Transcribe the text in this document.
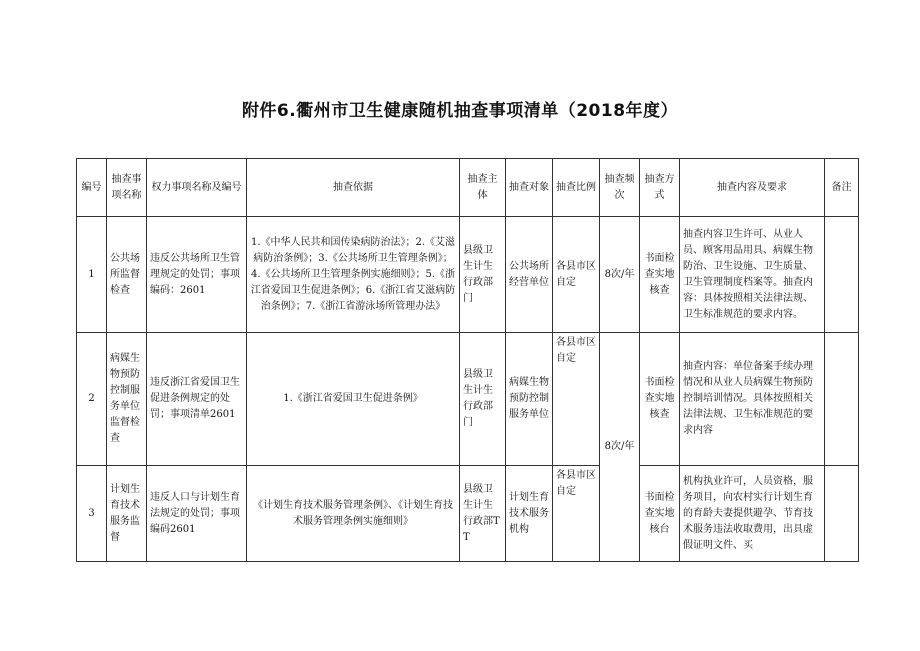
附件6.衢州市卫生健康随机抽查事项清单（2018年度）
编号	抽查事项名称	权力事项名称及编号	抽查依据	抽查主体	抽查对象	抽查比例	抽查频次	抽查方式	抽查内容及要求	备注
1	公共场所监督检查	违反公共场所卫生管理规定的处罚；事项编码：2601	1.《中华人民共和国传染病防治法》；2.《艾滋病防治条例》；3.《公共场所卫生管理条例》；4.《公共场所卫生管理条例实施细则》；5.《浙江省爱国卫生促进条例》；6.《浙江省艾滋病防治条例》；7.《浙江省游泳场所管理办法》	县级卫生计生行政部门	公共场所经营单位	各县市区自定	8次/年	书面检查实地核查	抽查内容卫生许可、从业人员、顾客用品用具、病媒生物防治、卫生设施、卫生质量、卫生管理制度档案等。抽查内容：具体按照相关法律法规、卫生标准规范的要求内容。	
2	病媒生物预防控制服务单位监督检查	违反浙江省爱国卫生促进条例规定的处罚；事项清单2601	1.《浙江省爱国卫生促进条例》	县级卫生计生行政部门	病媒生物预防控制服务单位	各县市区自定	8次/年	书面检查实地核查	抽查内容：单位备案手续办理情况和从业人员病媒生物预防控制培训情况。具体按照相关法律法规、卫生标准规范的要求内容	
3	计划生育技术服务监督	违反人口与计划生育法规定的处罚；事项编码2601	《计划生育技术服务管理条例》、《计划生育技术服务管理条例实施细则》	县级卫生计生行政部TT	计划生育技术服务机构	各县市区自定		书面检查实地核台	机构执业许可，人员资格，服务项目，向农村实行计划生育的育龄夫妻提供避孕、节育技术服务违法收取费用，出具虚假证明文件、买	
